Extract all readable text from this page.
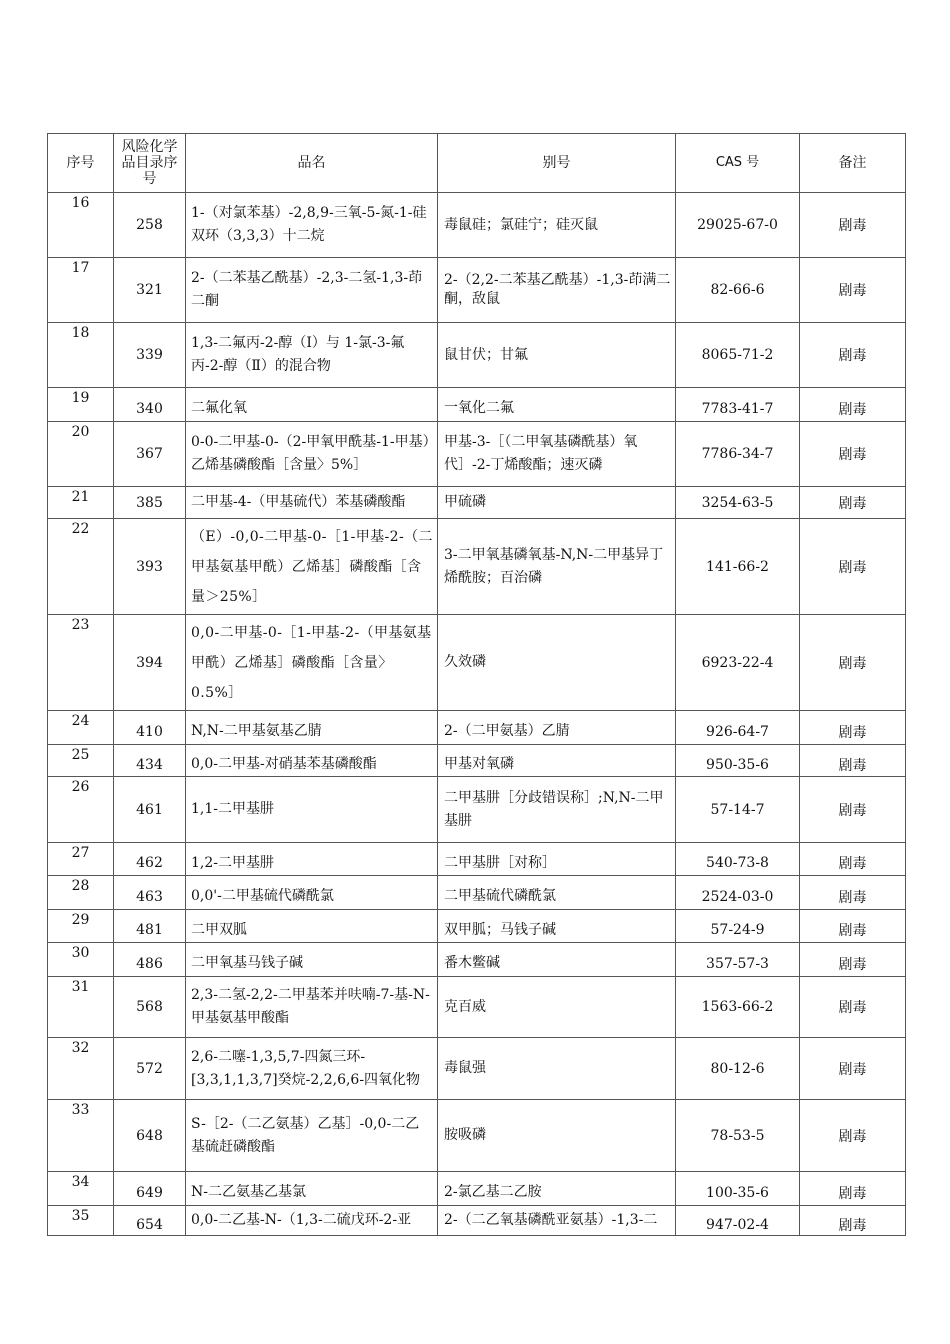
序号	风险化学品目录序号	品名	别号	CAS 号	备注

16	258	1-（对氯苯基）-2,8,9-三氧-5-氮-1-硅双环（3,3,3）十二烷	毒鼠硅；氯硅宁；硅灭鼠	29025-67-0	剧毒

17	321	2-（二苯基乙酰基）-2,3-二氢-1,3-茚二酮	2-（2,2-二苯基乙酰基）-1,3-茚满二酮，敌鼠	82-66-6	剧毒

18	339	1,3-二氟丙-2-醇（Ⅰ）与 1-氯-3-氟丙-2-醇（Ⅱ）的混合物	鼠甘伏；甘氟	8065-71-2	剧毒

19	340	二氟化氧	一氧化二氟	7783-41-7	剧毒

20	367	0-0-二甲基-0-（2-甲氧甲酰基-1-甲基）乙烯基磷酸酯［含量〉5%］	甲基-3-［（二甲氧基磷酰基）氧代］-2-丁烯酸酯；速灭磷	7786-34-7	剧毒

21	385	二甲基-4-（甲基硫代）苯基磷酸酯	甲硫磷	3254-63-5	剧毒

22	393	（E）-0,0-二甲基-0-［1-甲基-2-（二甲基氨基甲酰）乙烯基］磷酸酯［含量＞25%］	3-二甲氧基磷氧基-N,N-二甲基异丁烯酰胺；百治磷	141-66-2	剧毒

23	394	0,0-二甲基-0-［1-甲基-2-（甲基氨基甲酰）乙烯基］磷酸酯［含量〉0.5%］	久效磷	6923-22-4	剧毒

24	410	N,N-二甲基氨基乙腈	2-（二甲氨基）乙腈	926-64-7	剧毒

25	434	0,0-二甲基-对硝基苯基磷酸酯	甲基对氧磷	950-35-6	剧毒

26	461	1,1-二甲基肼	二甲基肼［分歧错误称］;N,N-二甲基肼	57-14-7	剧毒

27	462	1,2-二甲基肼	二甲基肼［对称］	540-73-8	剧毒

28	463	0,0'-二甲基硫代磷酰氯	二甲基硫代磷酰氯	2524-03-0	剧毒

29	481	二甲双胍	双甲胍；马钱子碱	57-24-9	剧毒

30	486	二甲氧基马钱子碱	番木鳖碱	357-57-3	剧毒

31	568	2,3-二氢-2,2-二甲基苯并呋喃-7-基-N-甲基氨基甲酸酯	克百威	1563-66-2	剧毒

32	572	2,6-二噻-1,3,5,7-四氮三环-[3,3,1,1,3,7]癸烷-2,2,6,6-四氧化物	毒鼠强	80-12-6	剧毒

33	648	S-［2-（二乙氨基）乙基］-0,0-二乙基硫赶磷酸酯	胺吸磷	78-53-5	剧毒

34	649	N-二乙氨基乙基氯	2-氯乙基二乙胺	100-35-6	剧毒

35	654	0,0-二乙基-N-（1,3-二硫戊环-2-亚	2-（二乙氧基磷酰亚氨基）-1,3-二	947-02-4	剧毒
